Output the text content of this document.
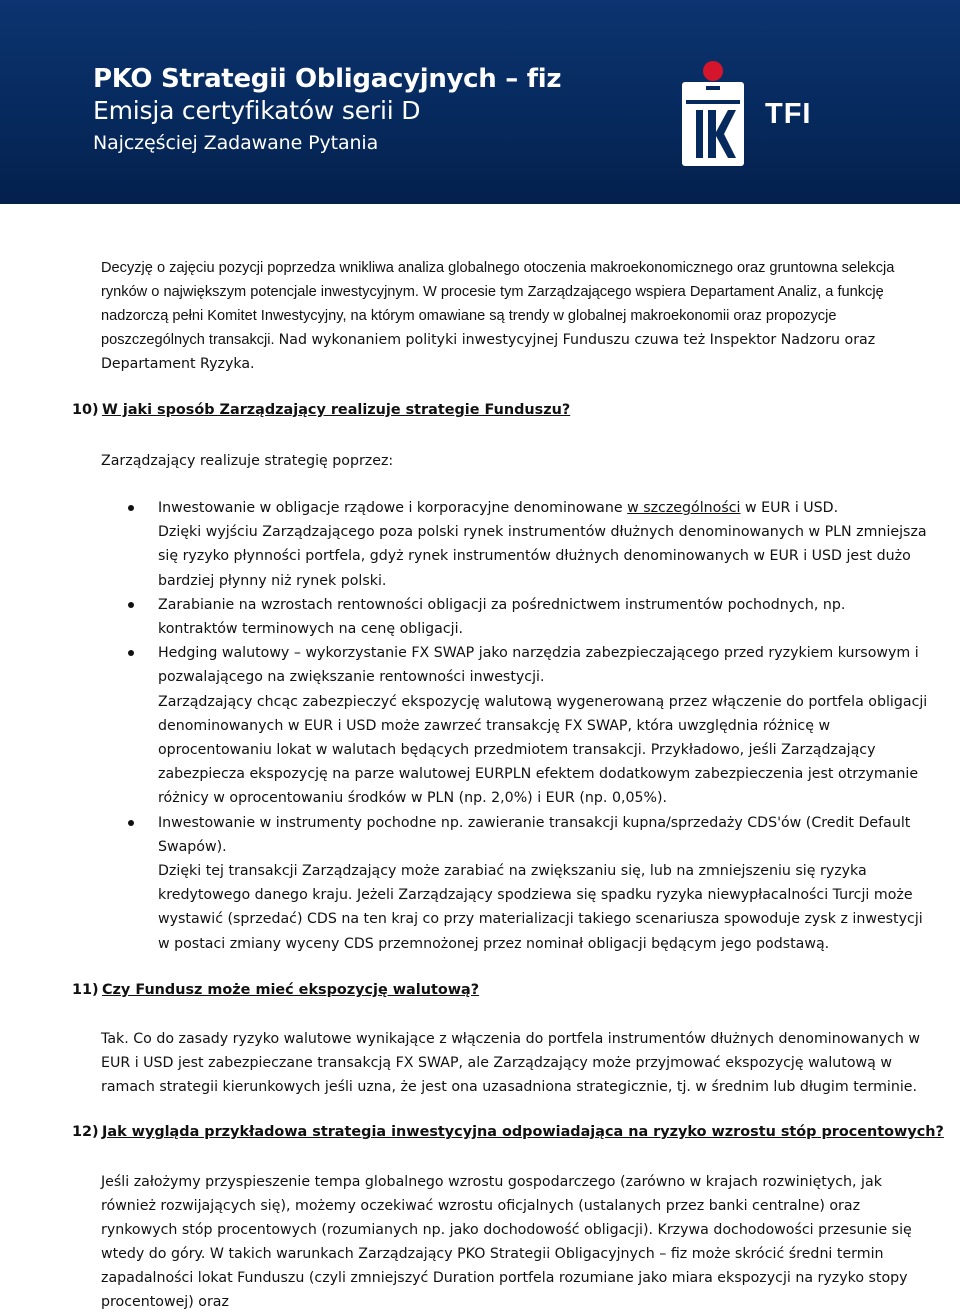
PKO Strategii Obligacyjnych – fiz
Emisja certyfikatów serii D
Najczęściej Zadawane Pytania
TFI

Decyzję o zajęciu pozycji poprzedza wnikliwa analiza globalnego otoczenia makroekonomicznego oraz gruntowna selekcja rynków o największym potencjale inwestycyjnym. W procesie tym Zarządzającego wspiera Departament Analiz, a funkcję nadzorczą pełni Komitet Inwestycyjny, na którym omawiane są trendy w globalnej makroekonomii oraz propozycje poszczególnych transakcji. Nad wykonaniem polityki inwestycyjnej Funduszu czuwa też Inspektor Nadzoru oraz Departament Ryzyka.

10) W jaki sposób Zarządzający realizuje strategie Funduszu?

Zarządzający realizuje strategię poprzez:

Inwestowanie w obligacje rządowe i korporacyjne denominowane w szczególności w EUR i USD.

Dzięki wyjściu Zarządzającego poza polski rynek instrumentów dłużnych denominowanych w PLN zmniejsza się ryzyko płynności portfela, gdyż rynek instrumentów dłużnych denominowanych w EUR i USD jest dużo bardziej płynny niż rynek polski.

Zarabianie na wzrostach rentowności obligacji za pośrednictwem instrumentów pochodnych, np. kontraktów terminowych na cenę obligacji.

Hedging walutowy – wykorzystanie FX SWAP jako narzędzia zabezpieczającego przed ryzykiem kursowym i pozwalającego na zwiększanie rentowności inwestycji.

Zarządzający chcąc zabezpieczyć ekspozycję walutową wygenerowaną przez włączenie do portfela obligacji denominowanych w EUR i USD może zawrzeć transakcję FX SWAP, która uwzględnia różnicę w oprocentowaniu lokat w walutach będących przedmiotem transakcji. Przykładowo, jeśli Zarządzający zabezpiecza ekspozycję na parze walutowej EURPLN efektem dodatkowym zabezpieczenia jest otrzymanie różnicy w oprocentowaniu środków w PLN (np. 2,0%) i EUR (np. 0,05%).

Inwestowanie w instrumenty pochodne np. zawieranie transakcji kupna/sprzedaży CDS'ów (Credit Default Swapów).

Dzięki tej transakcji Zarządzający może zarabiać na zwiększaniu się, lub na zmniejszeniu się ryzyka kredytowego danego kraju. Jeżeli Zarządzający spodziewa się spadku ryzyka niewypłacalności Turcji może wystawić (sprzedać) CDS na ten kraj co przy materializacji takiego scenariusza spowoduje zysk z inwestycji w postaci zmiany wyceny CDS przemnożonej przez nominał obligacji będącym jego podstawą.

11) Czy Fundusz może mieć ekspozycję walutową?

Tak. Co do zasady ryzyko walutowe wynikające z włączenia do portfela instrumentów dłużnych denominowanych w EUR i USD jest zabezpieczane transakcją FX SWAP, ale Zarządzający może przyjmować ekspozycję walutową w ramach strategii kierunkowych jeśli uzna, że jest ona uzasadniona strategicznie, tj. w średnim lub długim terminie.

12) Jak wygląda przykładowa strategia inwestycyjna odpowiadająca na ryzyko wzrostu stóp procentowych?

Jeśli założymy przyspieszenie tempa globalnego wzrostu gospodarczego (zarówno w krajach rozwiniętych, jak również rozwijających się), możemy oczekiwać wzrostu oficjalnych (ustalanych przez banki centralne) oraz rynkowych stóp procentowych (rozumianych np. jako dochodowość obligacji). Krzywa dochodowości przesunie się wtedy do góry. W takich warunkach Zarządzający PKO Strategii Obligacyjnych – fiz może skrócić średni termin zapadalności lokat Funduszu (czyli zmniejszyć Duration portfela rozumiane jako miara ekspozycji na ryzyko stopy procentowej) oraz
